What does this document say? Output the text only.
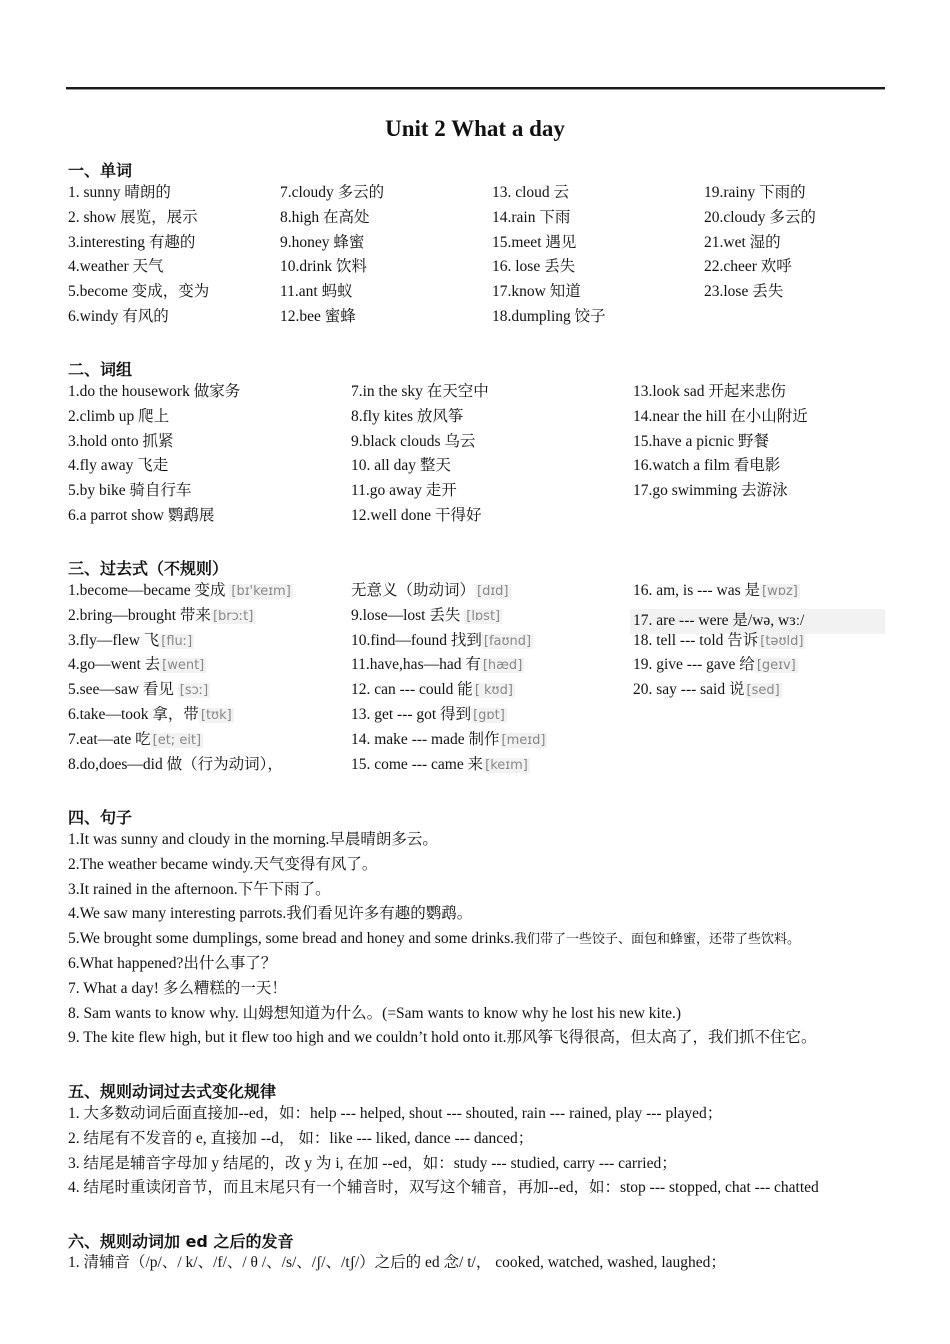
Unit 2 What a day
一、单词
1. sunny 晴朗的
2. show 展览，展示
3.interesting 有趣的
4.weather 天气
5.become 变成，变为
6.windy 有风的
7.cloudy 多云的
8.high 在高处
9.honey 蜂蜜
10.drink 饮料
11.ant 蚂蚁
12.bee 蜜蜂
13. cloud 云
14.rain 下雨
15.meet 遇见
16. lose 丢失
17.know 知道
18.dumpling 饺子
19.rainy 下雨的
20.cloudy 多云的
21.wet 湿的
22.cheer 欢呼
23.lose 丢失
二、词组
1.do the housework 做家务
2.climb up 爬上
3.hold onto 抓紧
4.fly away 飞走
5.by bike 骑自行车
6.a parrot show 鹦鹉展
7.in the sky 在天空中
8.fly kites 放风筝
9.black clouds 乌云
10. all day 整天
11.go away 走开
12.well done 干得好
13.look sad 开起来悲伤
14.near the hill 在小山附近
15.have a picnic 野餐
16.watch a film 看电影
17.go swimming 去游泳
三、过去式（不规则）
1.become—became 变成 [bɪ'keɪm]
2.bring—brought 带来 [brɔːt]
3.fly—flew 飞 [fluː]
4.go—went 去 [went]
5.see—saw 看见 [sɔː]
6.take—took 拿，带 [tʊk]
7.eat—ate 吃 [et; eit]
8.do,does—did 做（行为动词），
无意义（助动词） [dɪd]
9.lose—lost 丢失 [lɒst]
10.find—found 找到 [faʊnd]
11.have,has—had 有 [hæd]
12. can --- could 能 [ kʊd]
13. get --- got 得到 [gɒt]
14. make --- made 制作 [meɪd]
15. come --- came 来 [keɪm]
16. am, is --- was 是 [wɒz]
17. are --- were 是/wə, wɜː/
18. tell --- told 告诉 [təʊld]
19. give --- gave 给 [geɪv]
20. say --- said 说 [sed]
四、句子
1.It was sunny and cloudy in the morning.早晨晴朗多云。
2.The weather became windy.天气变得有风了。
3.It rained in the afternoon.下午下雨了。
4.We saw many interesting parrots.我们看见许多有趣的鹦鹉。
5.We brought some dumplings, some bread and honey and some drinks.我们带了一些饺子、面包和蜂蜜，还带了些饮料。
6.What happened?出什么事了？
7. What a day! 多么糟糕的一天！
8. Sam wants to know why. 山姆想知道为什么。(=Sam wants to know why he lost his new kite.)
9. The kite flew high, but it flew too high and we couldn’t hold onto it.那风筝飞得很高，但太高了，我们抓不住它。
五、规则动词过去式变化规律
1. 大多数动词后面直接加--ed，如：help --- helped, shout --- shouted, rain --- rained, play --- played；
2. 结尾有不发音的 e, 直接加 --d， 如：like --- liked, dance --- danced；
3. 结尾是辅音字母加 y 结尾的，改 y 为 i, 在加 --ed，如：study --- studied, carry --- carried；
4. 结尾时重读闭音节，而且末尾只有一个辅音时，双写这个辅音，再加--ed，如：stop --- stopped, chat --- chatted
六、规则动词加 ed 之后的发音
1. 清辅音（/p/、/ k/、/f/、/ θ /、/s/、/ʃ/、/tʃ/）之后的 ed 念/ t/， cooked, watched, washed, laughed；
